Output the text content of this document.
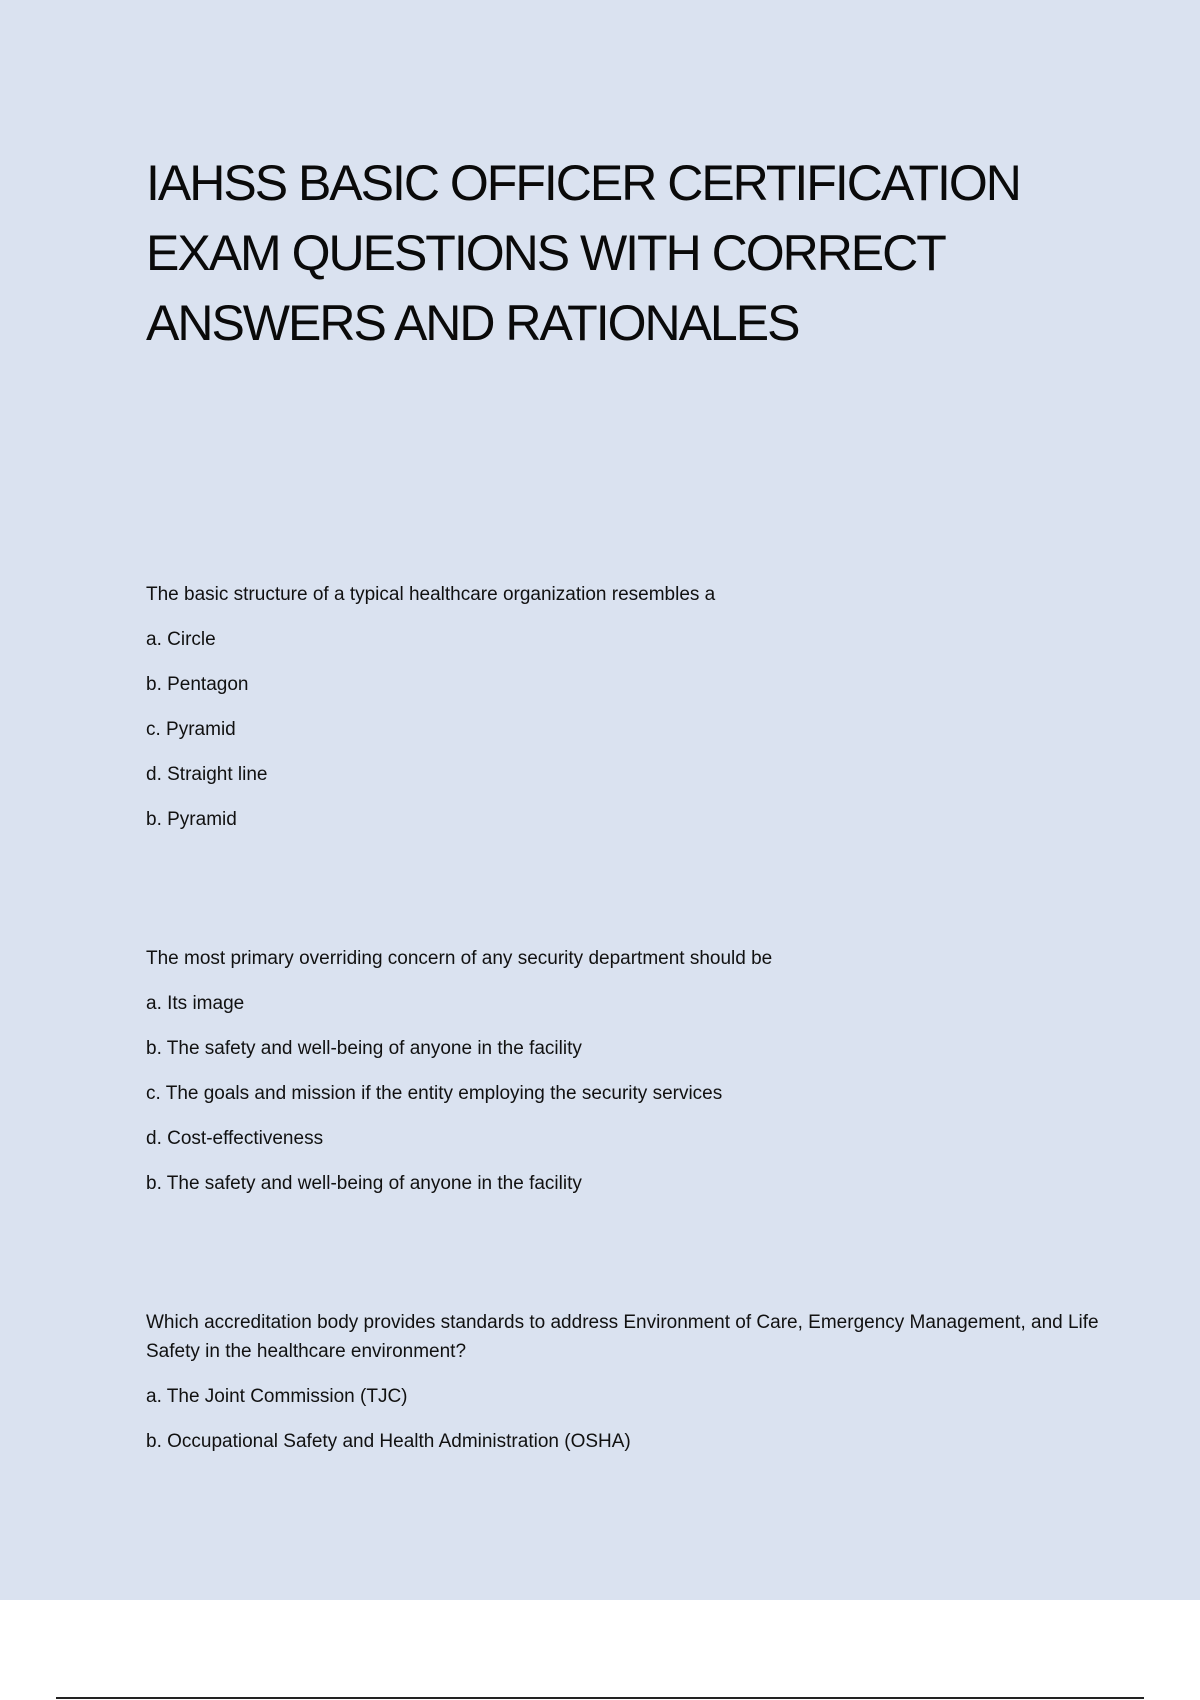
IAHSS BASIC OFFICER CERTIFICATION EXAM QUESTIONS WITH CORRECT ANSWERS AND RATIONALES

The basic structure of a typical healthcare organization resembles a

a. Circle

b. Pentagon

c. Pyramid

d. Straight line

b. Pyramid

The most primary overriding concern of any security department should be

a. Its image

b. The safety and well-being of anyone in the facility

c. The goals and mission if the entity employing the security services

d. Cost-effectiveness

b. The safety and well-being of anyone in the facility

Which accreditation body provides standards to address Environment of Care, Emergency Management, and Life Safety in the healthcare environment?

a. The Joint Commission (TJC)

b. Occupational Safety and Health Administration (OSHA)
